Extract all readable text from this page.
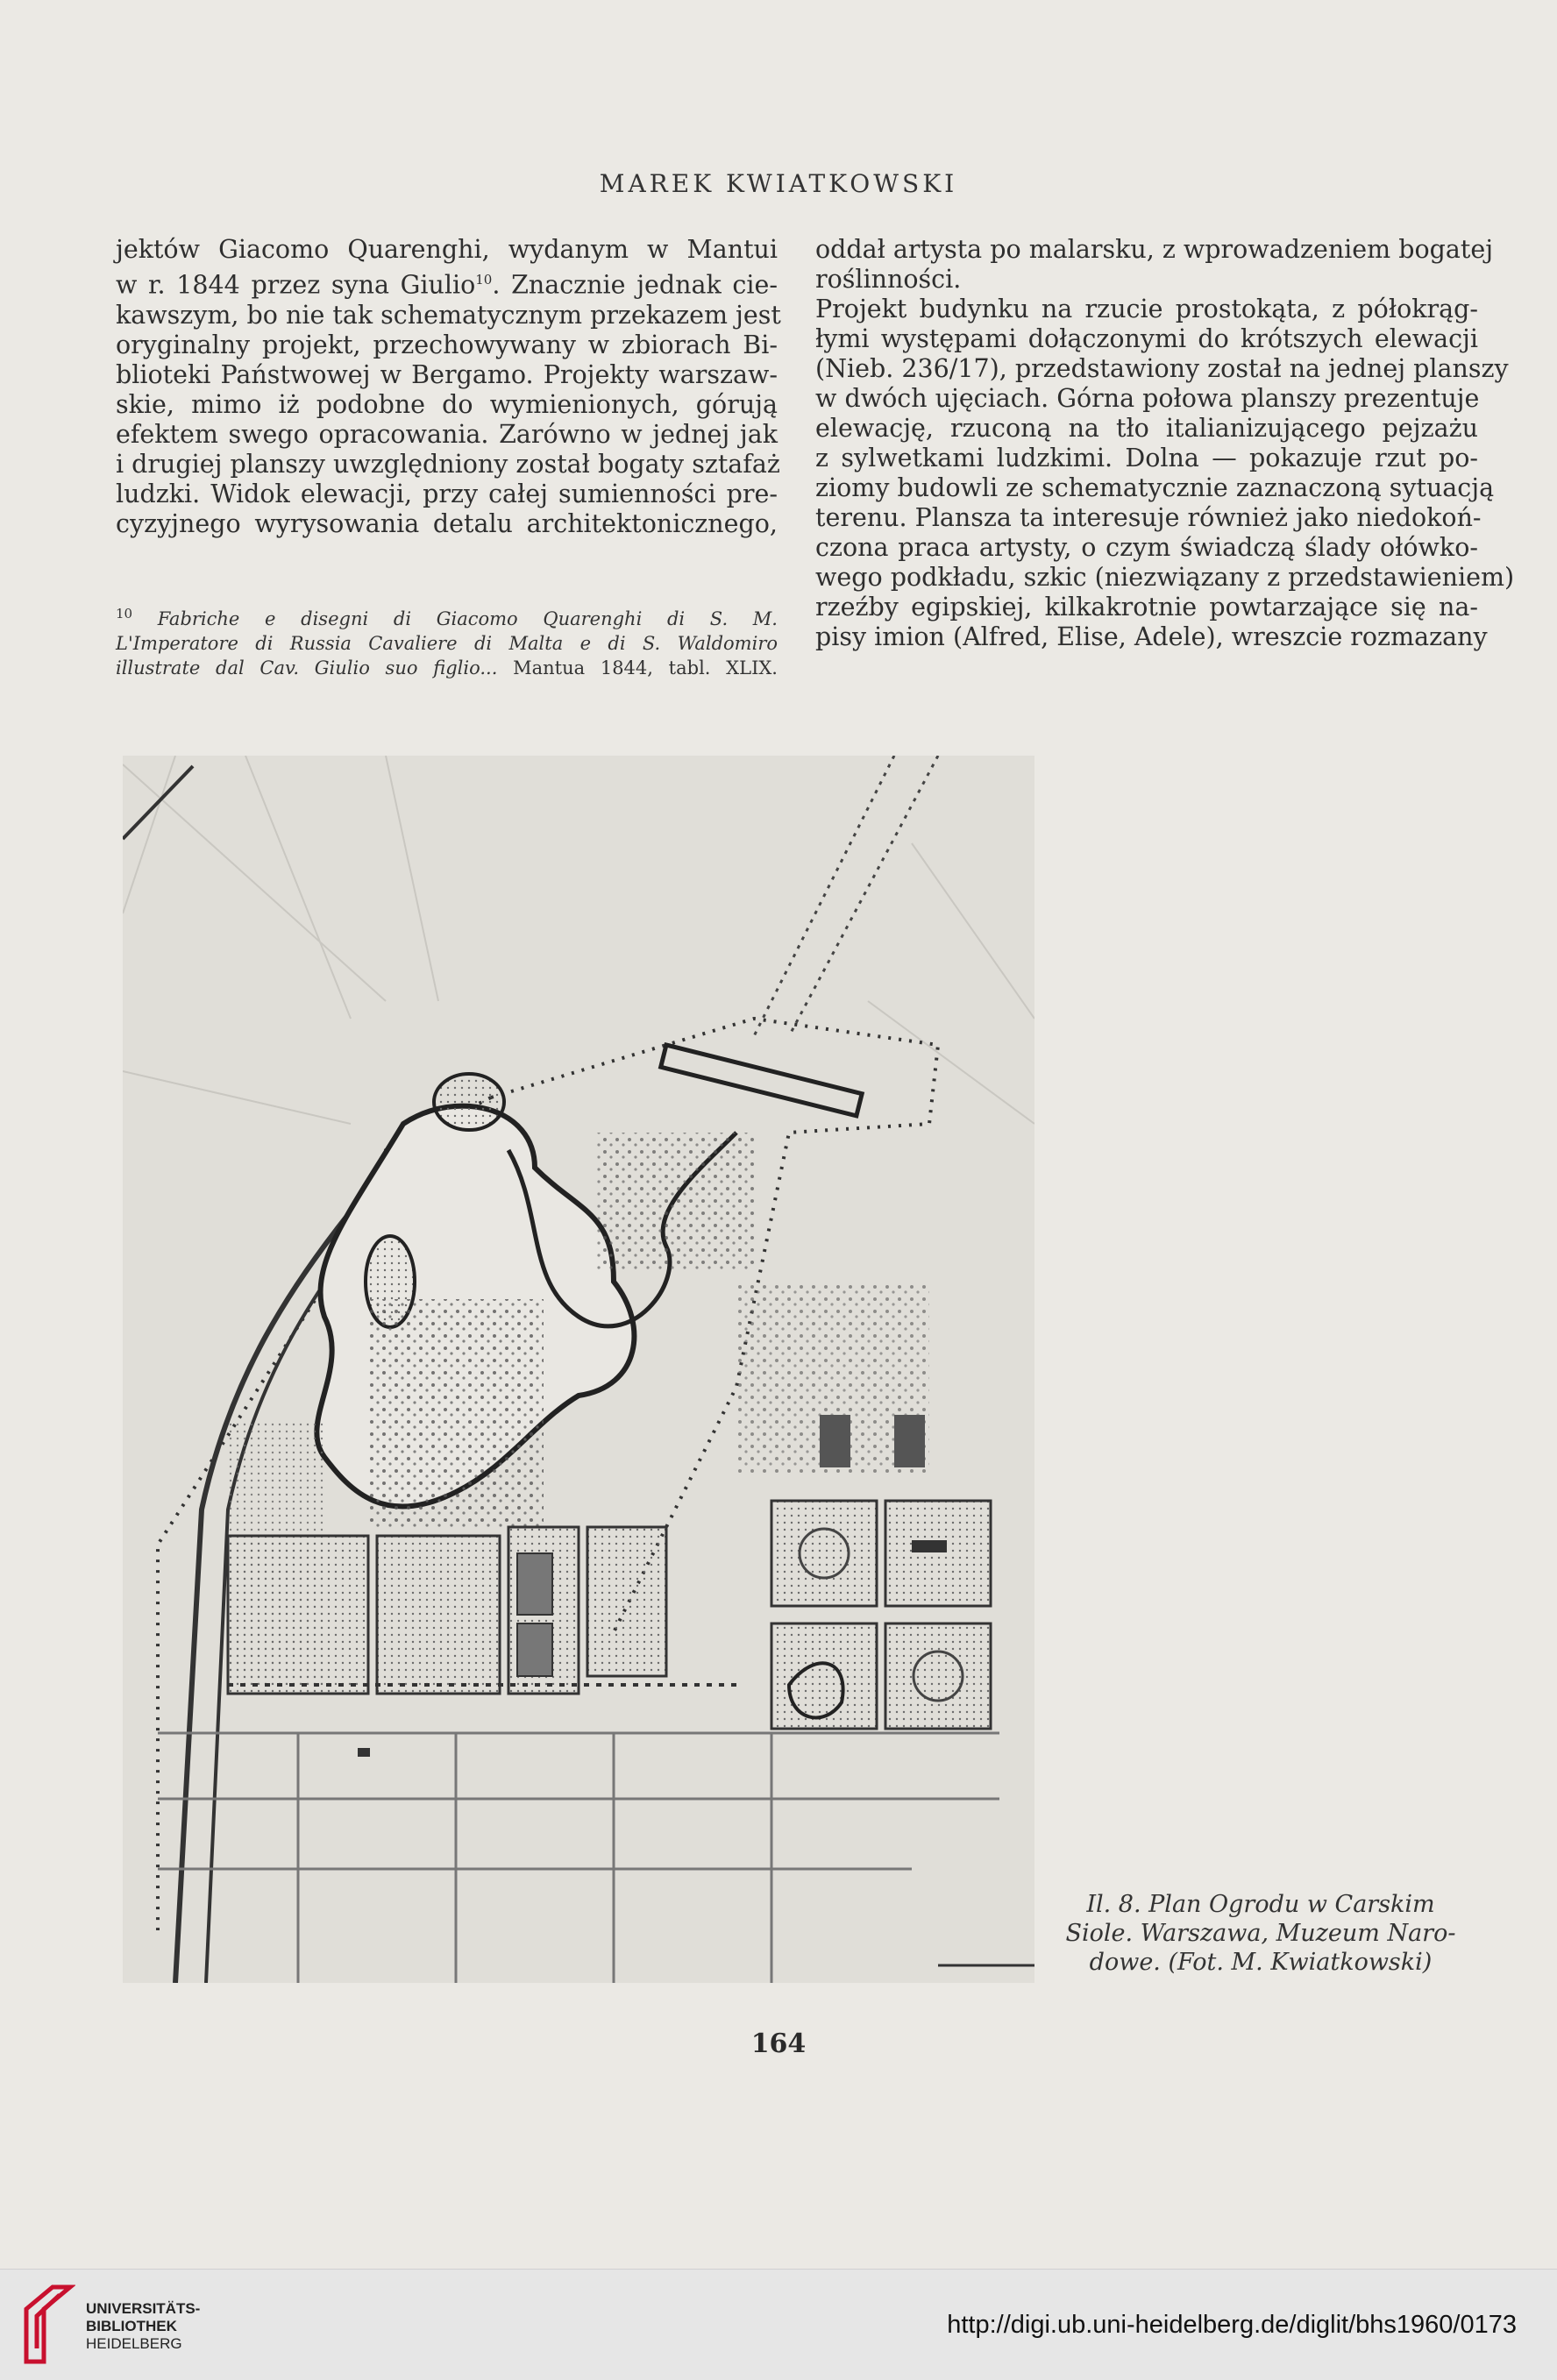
MAREK KWIATKOWSKI
jektów Giacomo Quarenghi, wydanym w Mantui
w r. 1844 przez syna Giulio$^{10}$. Znacznie jednak cie-
kawszym, bo nie tak schematycznym przekazem jest
oryginalny projekt, przechowywany w zbiorach Bi-
blioteki Państwowej w Bergamo. Projekty warszaw-
skie, mimo iż podobne do wymienionych, górują
efektem swego opracowania. Zarówno w jednej jak
i drugiej planszy uwzględniony został bogaty sztafaż
ludzki. Widok elewacji, przy całej sumienności pre-
cyzyjnego wyrysowania detalu architektonicznego,
$^{10}$ Fabriche e disegni di Giacomo Quarenghi di S. M.
L'Imperatore di Russia Cavaliere di Malta e di S. Waldomiro
illustrate dal Cav. Giulio suo figlio... Mantua 1844, tabl. XLIX.
oddał artysta po malarsku, z wprowadzeniem bogatej
roślinności.
Projekt budynku na rzucie prostokąta, z półokrąg-
łymi występami dołączonymi do krótszych elewacji
(Nieb. 236/17), przedstawiony został na jednej planszy
w dwóch ujęciach. Górna połowa planszy prezentuje
elewację, rzuconą na tło italianizującego pejzażu
z sylwetkami ludzkimi. Dolna — pokazuje rzut po-
ziomy budowli ze schematycznie zaznaczoną sytuacją
terenu. Plansza ta interesuje również jako niedokoń-
czona praca artysty, o czym świadczą ślady ołówko-
wego podkładu, szkic (niezwiązany z przedstawieniem)
rzeźby egipskiej, kilkakrotnie powtarzające się na-
pisy imion (Alfred, Elise, Adele), wreszcie rozmazany
Il. 8. Plan Ogrodu w Carskim
Siole. Warszawa, Muzeum Naro-
dowe. (Fot. M. Kwiatkowski)
164
UNIVERSITÄTS-
BIBLIOTHEK
HEIDELBERG
http://digi.ub.uni-heidelberg.de/diglit/bhs1960/0173
